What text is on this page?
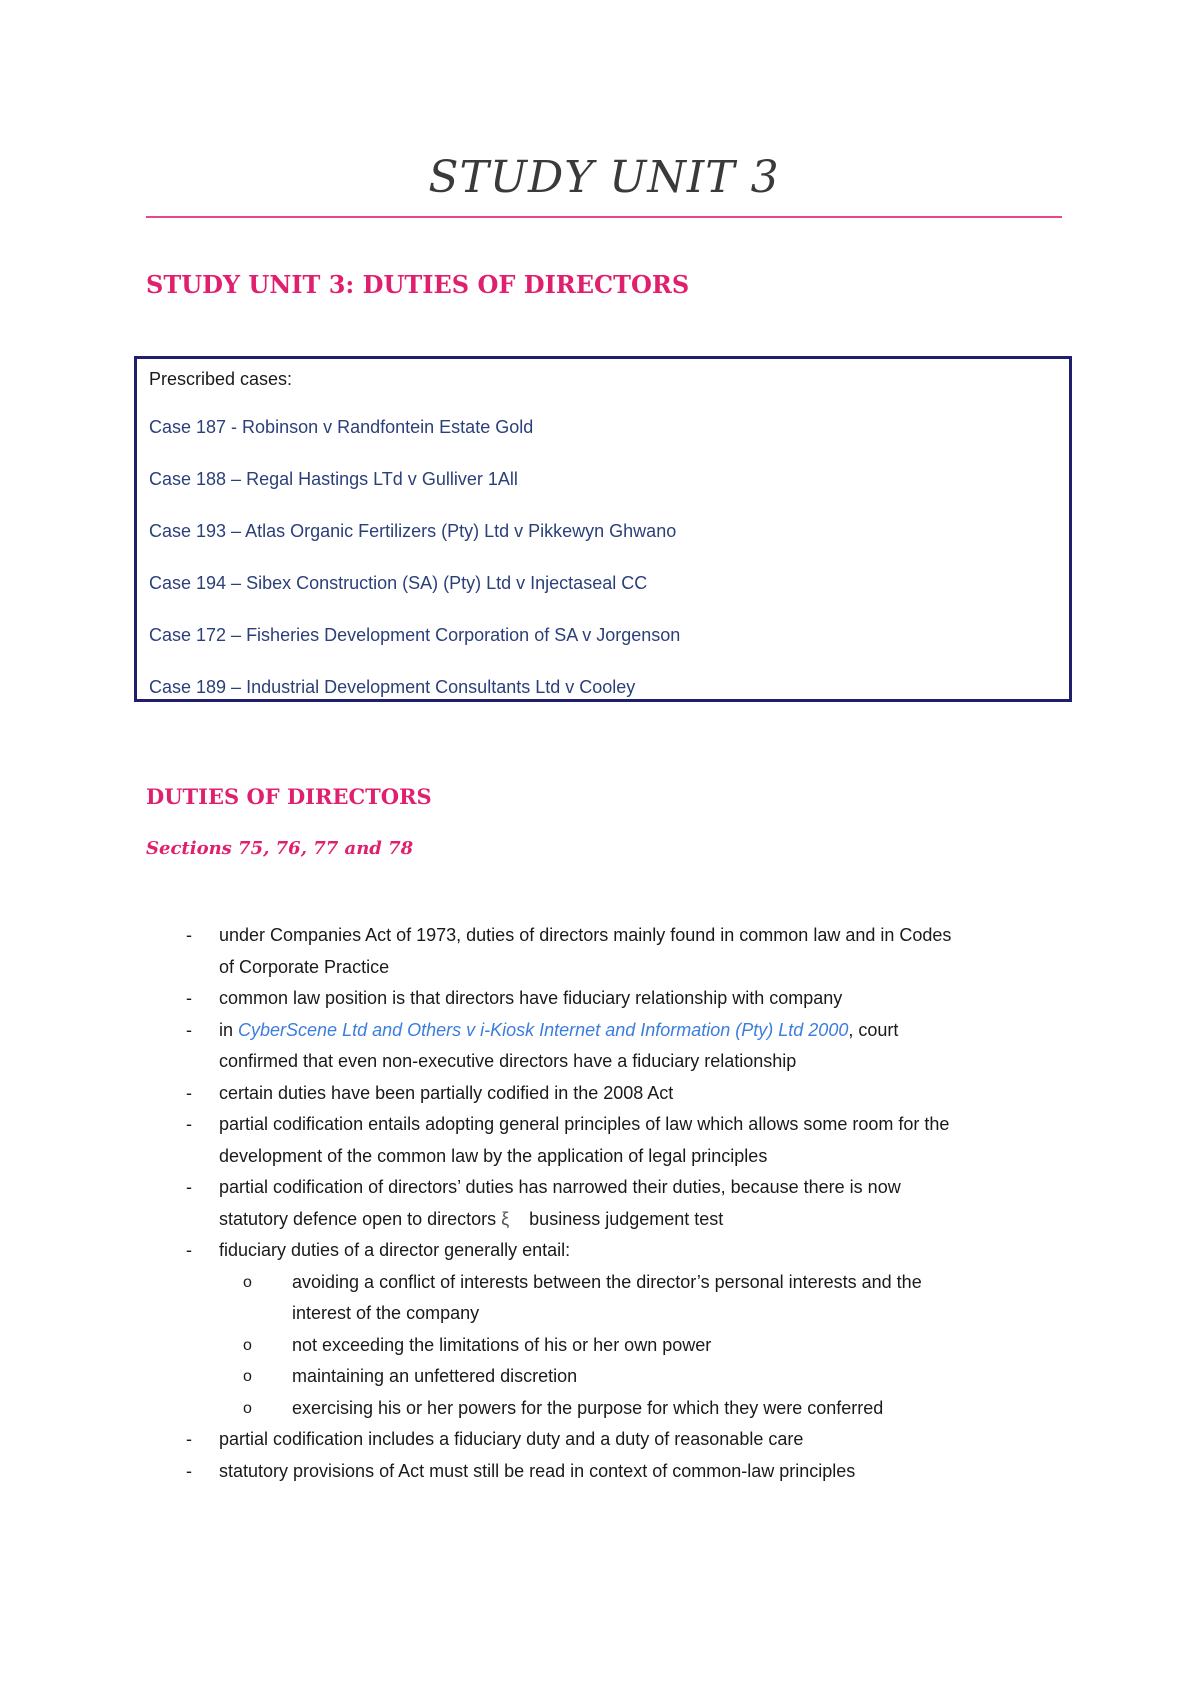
STUDY UNIT 3
STUDY UNIT 3: DUTIES OF DIRECTORS
Prescribed cases:
Case 187 - Robinson v Randfontein Estate Gold
Case 188 – Regal Hastings LTd v Gulliver 1All
Case 193 – Atlas Organic Fertilizers (Pty) Ltd v Pikkewyn Ghwano
Case 194 – Sibex Construction (SA) (Pty) Ltd v Injectaseal CC
Case 172 – Fisheries Development Corporation of SA v Jorgenson
Case 189 – Industrial Development Consultants Ltd v Cooley
DUTIES OF DIRECTORS
Sections 75, 76, 77 and 78
- under Companies Act of 1973, duties of directors mainly found in common law and in Codes
of Corporate Practice
- common law position is that directors have fiduciary relationship with company
- in CyberScene Ltd and Others v i-Kiosk Internet and Information (Pty) Ltd 2000, court
confirmed that even non-executive directors have a fiduciary relationship
- certain duties have been partially codified in the 2008 Act
- partial codification entails adopting general principles of law which allows some room for the
development of the common law by the application of legal principles
- partial codification of directors’ duties has narrowed their duties, because there is now
statutory defence open to directors ξ business judgement test
- fiduciary duties of a director generally entail:
o avoiding a conflict of interests between the director’s personal interests and the
interest of the company
o not exceeding the limitations of his or her own power
o maintaining an unfettered discretion
o exercising his or her powers for the purpose for which they were conferred
- partial codification includes a fiduciary duty and a duty of reasonable care
- statutory provisions of Act must still be read in context of common-law principles
